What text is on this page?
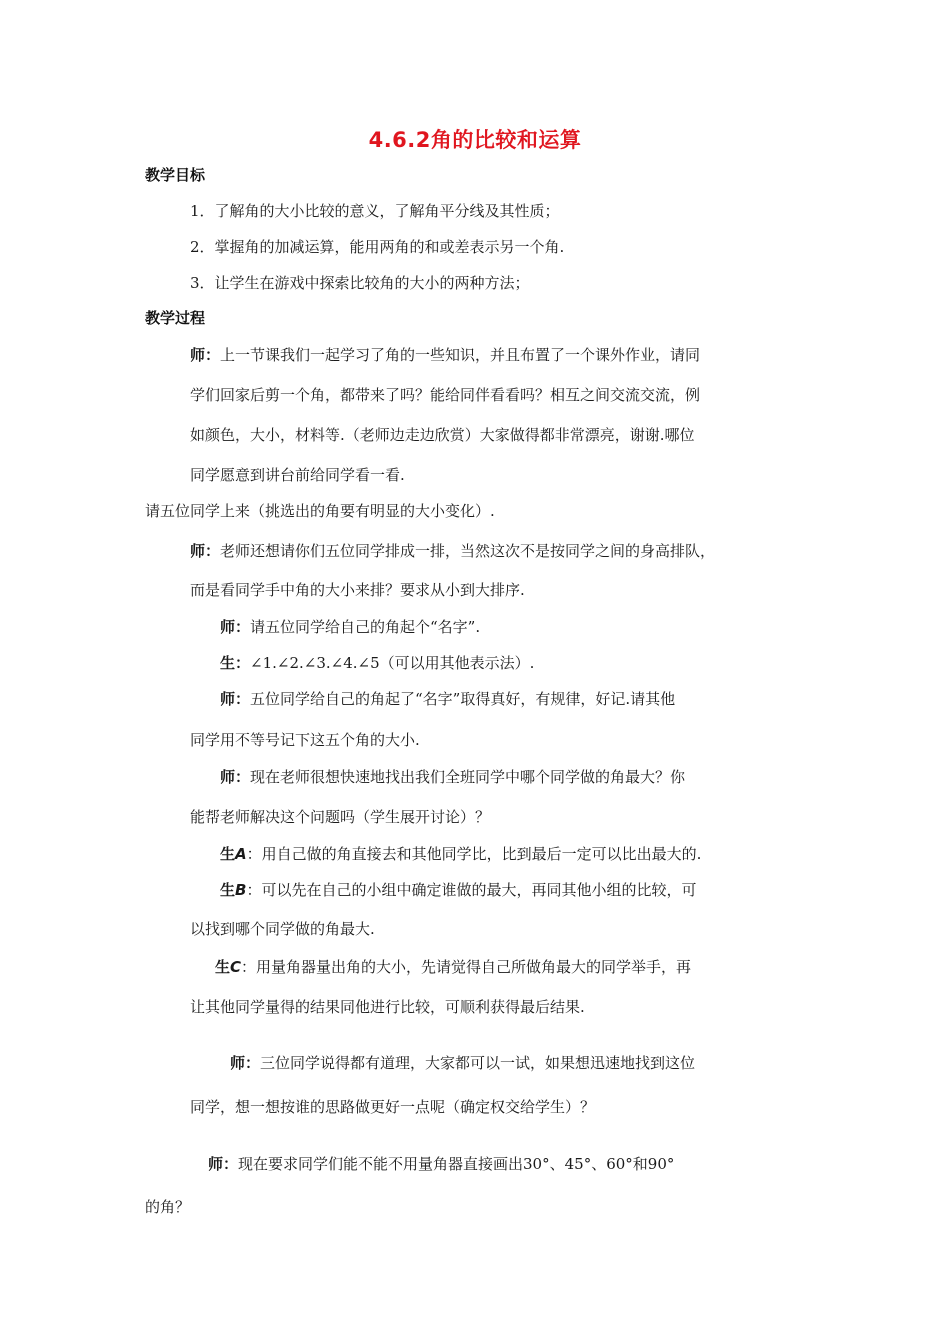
4.6.2角的比较和运算
教学目标
1．了解角的大小比较的意义，了解角平分线及其性质；
2．掌握角的加减运算，能用两角的和或差表示另一个角.
3．让学生在游戏中探索比较角的大小的两种方法；
教学过程
师：上一节课我们一起学习了角的一些知识，并且布置了一个课外作业，请同
学们回家后剪一个角，都带来了吗？能给同伴看看吗？相互之间交流交流，例
如颜色，大小，材料等.（老师边走边欣赏）大家做得都非常漂亮，谢谢.哪位
同学愿意到讲台前给同学看一看.
请五位同学上来（挑选出的角要有明显的大小变化）.
师：老师还想请你们五位同学排成一排，当然这次不是按同学之间的身高排队，
而是看同学手中角的大小来排？要求从小到大排序.
师：请五位同学给自己的角起个“名字”.
生：∠1.∠2.∠3.∠4.∠5（可以用其他表示法）.
师：五位同学给自己的角起了“名字”取得真好，有规律，好记.请其他
同学用不等号记下这五个角的大小.
师：现在老师很想快速地找出我们全班同学中哪个同学做的角最大？你
能帮老师解决这个问题吗（学生展开讨论）？
生A：用自己做的角直接去和其他同学比，比到最后一定可以比出最大的.
生B：可以先在自己的小组中确定谁做的最大，再同其他小组的比较，可
以找到哪个同学做的角最大.
生C：用量角器量出角的大小，先请觉得自己所做角最大的同学举手，再
让其他同学量得的结果同他进行比较，可顺利获得最后结果.
师：三位同学说得都有道理，大家都可以一试，如果想迅速地找到这位
同学，想一想按谁的思路做更好一点呢（确定权交给学生）？
师：现在要求同学们能不能不用量角器直接画出30°、45°、60°和90°
的角？
